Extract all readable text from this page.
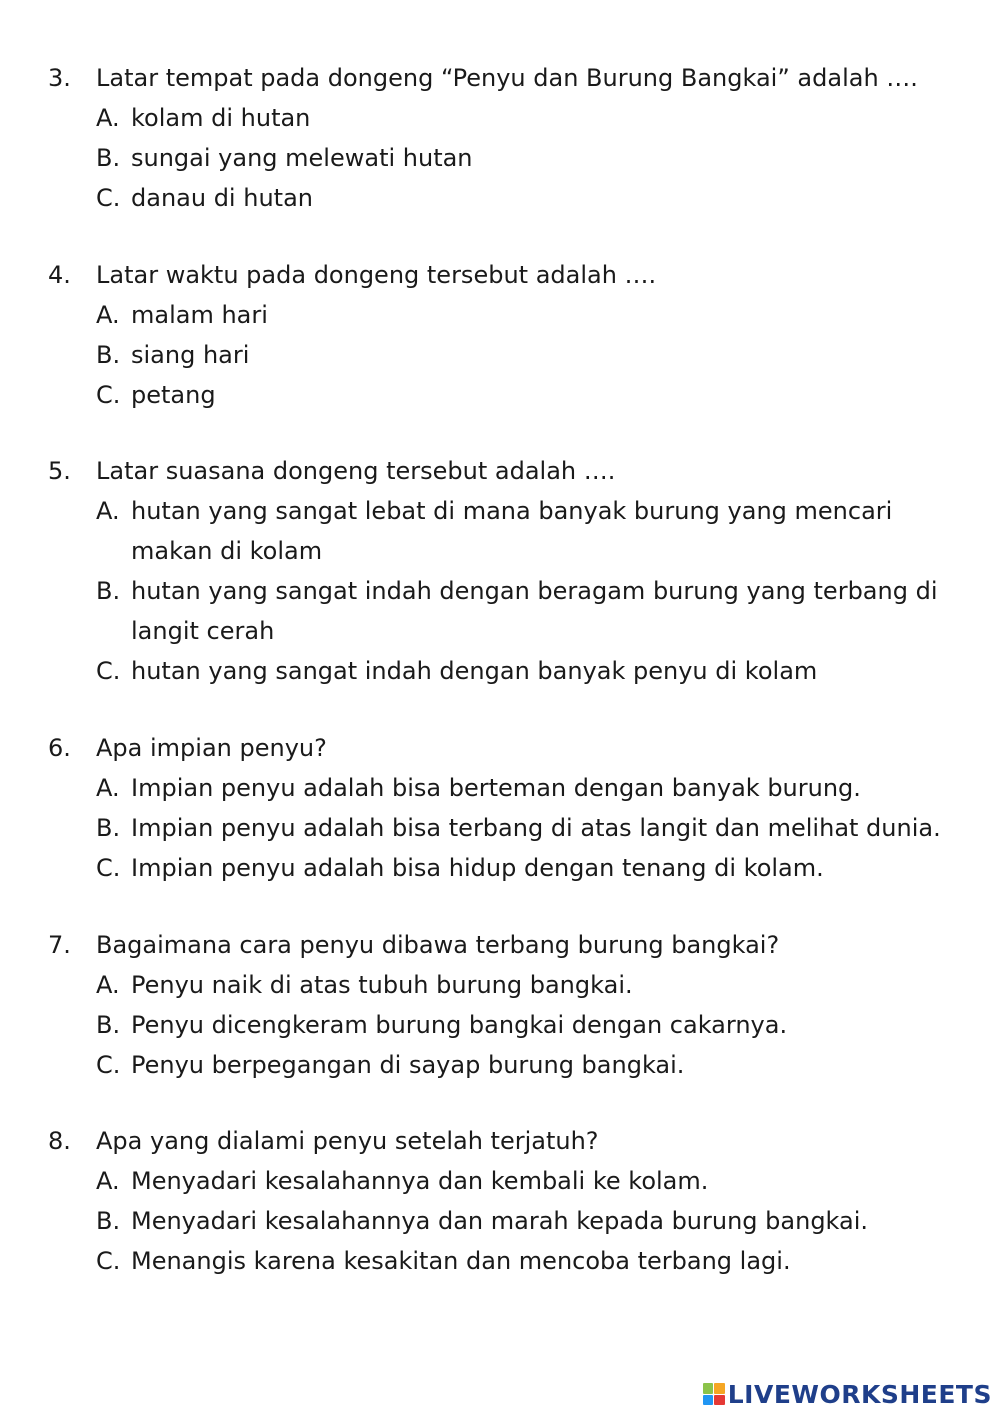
3.	Latar tempat pada dongeng “Penyu dan Burung Bangkai” adalah ….
A. kolam di hutan
B. sungai yang melewati hutan
C. danau di hutan
4.	Latar waktu pada dongeng tersebut adalah ….
A. malam hari
B. siang hari
C. petang
5.	Latar suasana dongeng tersebut adalah ….
A. hutan yang sangat lebat di mana banyak burung yang mencari makan di kolam
B. hutan yang sangat indah dengan beragam burung yang terbang di langit cerah
C. hutan yang sangat indah dengan banyak penyu di kolam
6.	Apa impian penyu?
A. Impian penyu adalah bisa berteman dengan banyak burung.
B. Impian penyu adalah bisa terbang di atas langit dan melihat dunia.
C. Impian penyu adalah bisa hidup dengan tenang di kolam.
7.	Bagaimana cara penyu dibawa terbang burung bangkai?
A. Penyu naik di atas tubuh burung bangkai.
B. Penyu dicengkeram burung bangkai dengan cakarnya.
C. Penyu berpegangan di sayap burung bangkai.
8.	Apa yang dialami penyu setelah terjatuh?
A. Menyadari kesalahannya dan kembali ke kolam.
B. Menyadari kesalahannya dan marah kepada burung bangkai.
C. Menangis karena kesakitan dan mencoba terbang lagi.
LIVEWORKSHEETS
